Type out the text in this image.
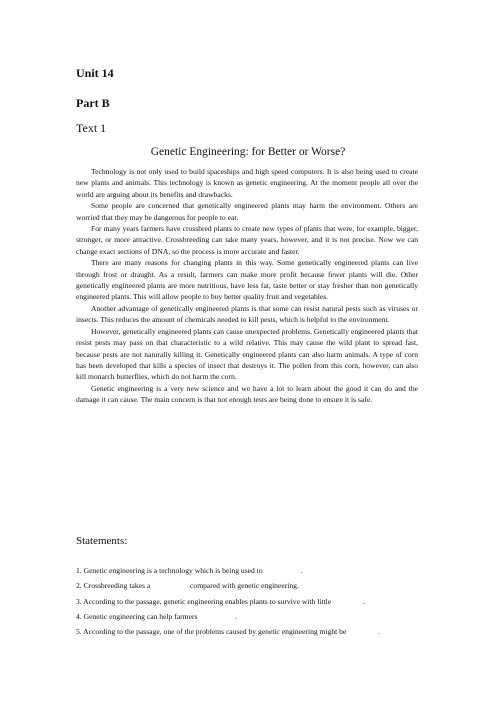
Unit 14
Part B
Text 1
Genetic Engineering: for Better or Worse?

Technology is not only used to build spaceships and high speed computers. It is also being used to create new plants and animals. This technology is known as genetic engineering. At the moment people all over the world are arguing about its benefits and drawbacks.

Some people are concerned that genetically engineered plants may harm the environment. Others are worried that they may be dangerous for people to eat.

For many years farmers have crossbred plants to create new types of plants that were, for example, bigger, stronger, or more attractive. Crossbreeding can take many years, however, and it is not precise. Now we can change exact sections of DNA, so the process is more accurate and faster.

There are many reasons for changing plants in this way. Some genetically engineered plants can live through frost or draught. As a result, farmers can make more profit because fewer plants will die. Other genetically engineered plants are more nutritious, have less fat, taste better or stay fresher than non genetically engineered plants. This will allow people to buy better quality fruit and vegetables.

Another advantage of genetically engineered plants is that some can resist natural pests such as viruses or insects. This reduces the amount of chemicals needed to kill pests, which is helpful to the environment.

However, genetically engineered plants can cause unexpected problems. Genetically engineered plants that resist pests may pass on that characteristic to a wild relative. This may cause the wild plant to spread fast, because pests are not naturally killing it. Genetically engineered plants can also harm animals. A type of corn has been developed that kills a species of insect that destroys it. The pollen from this corn, however, can also kill monarch butterflies, which do not harm the corn.

Genetic engineering is a very new science and we have a lot to learn about the good it can do and the damage it can cause. The main concern is that not enough tests are being done to ensure it is safe.

Statements:
1. Genetic engineering is a technology which is being used to	.
2. Crossbreeding takes a	compared with genetic engineering.
3. According to the passage, genetic engineering enables plants to survive with little	.
4. Genetic engineering can help farmers	.
5. According to the passage, one of the problems caused by genetic engineering might be	.
